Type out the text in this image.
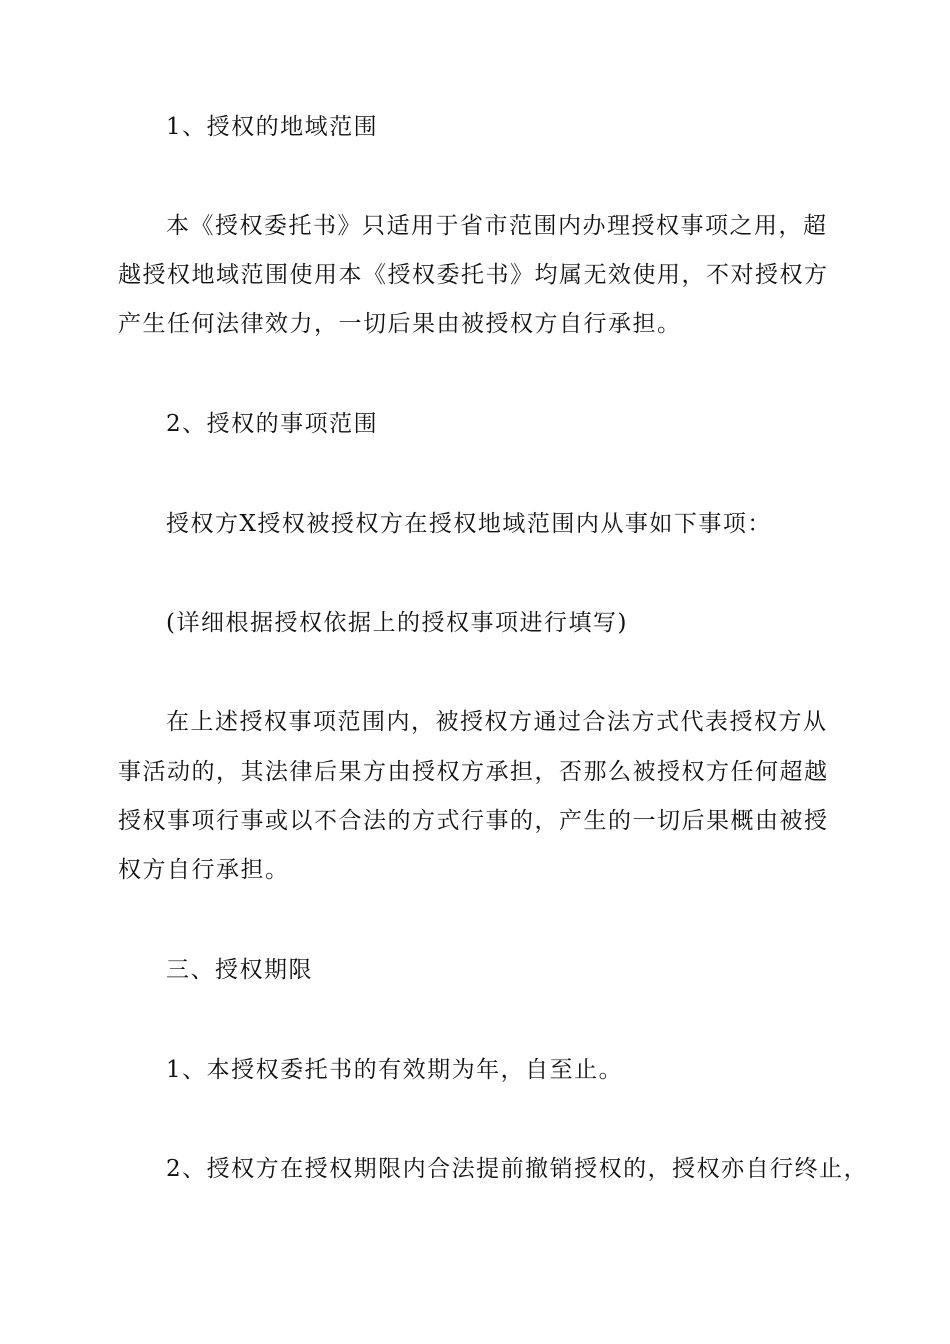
1、授权的地域范围
本《授权委托书》只适用于省市范围内办理授权事项之用，超
越授权地域范围使用本《授权委托书》均属无效使用，不对授权方
产生任何法律效力，一切后果由被授权方自行承担。
2、授权的事项范围
授权方X授权被授权方在授权地域范围内从事如下事项：
(详细根据授权依据上的授权事项进行填写)
在上述授权事项范围内，被授权方通过合法方式代表授权方从
事活动的，其法律后果方由授权方承担，否那么被授权方任何超越
授权事项行事或以不合法的方式行事的，产生的一切后果概由被授
权方自行承担。
三、授权期限
1、本授权委托书的有效期为年，自至止。
2、授权方在授权期限内合法提前撤销授权的，授权亦自行终止，
